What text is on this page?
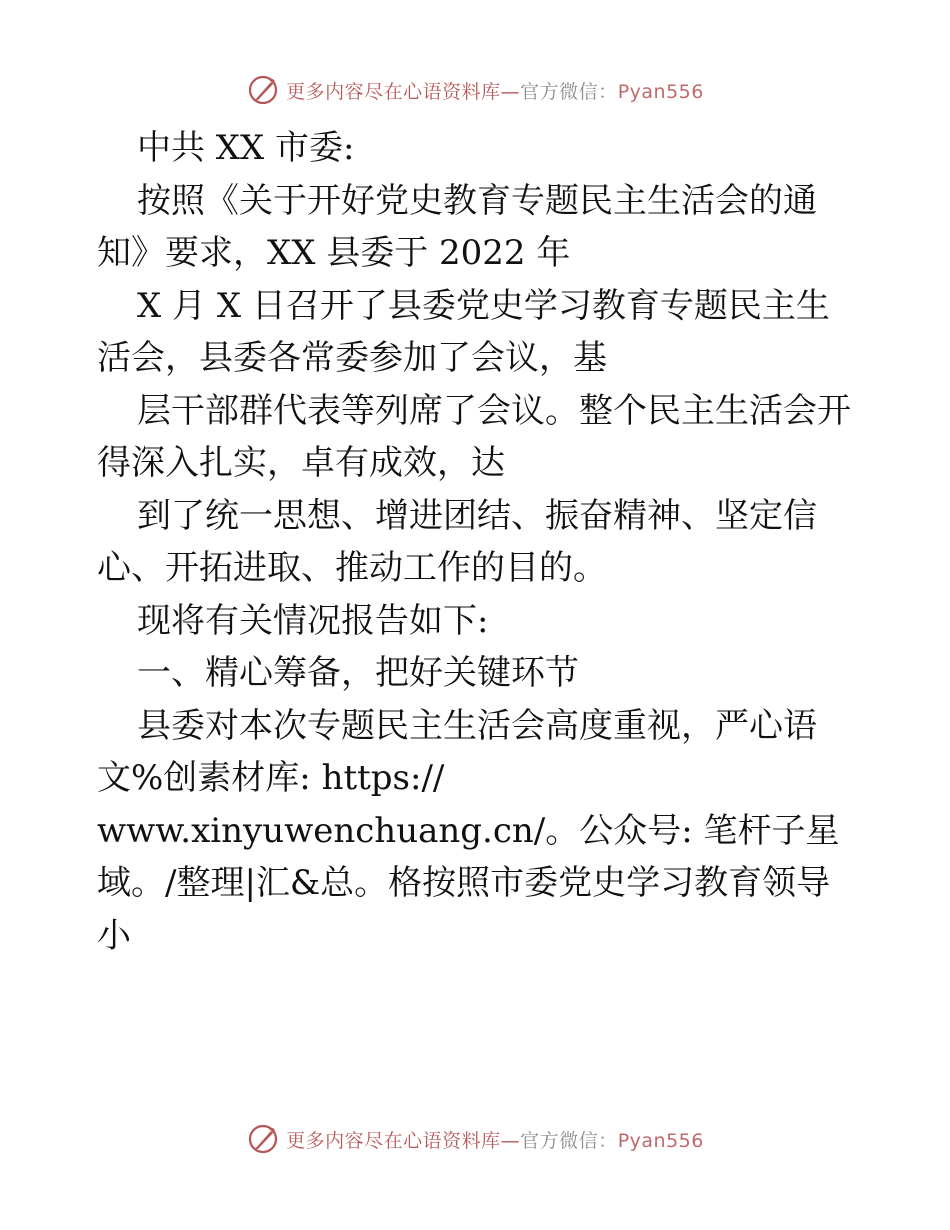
更多内容尽在心语资料库—官方微信：Pyan556
中共 XX 市委:
按照《关于开好党史教育专题民主生活会的通
知》要求，XX 县委于 2022 年
X 月 X 日召开了县委党史学习教育专题民主生
活会，县委各常委参加了会议，基
层干部群代表等列席了会议。整个民主生活会开
得深入扎实，卓有成效，达
到了统一思想、增进团结、振奋精神、坚定信
心、开拓进取、推动工作的目的。
现将有关情况报告如下:
一、精心筹备，把好关键环节
县委对本次专题民主生活会高度重视，严心语
文%创素材库: https://
www.xinyuwenchuang.cn/。公众号: 笔杆子星
域。/整理|汇&总。格按照市委党史学习教育领导
小
更多内容尽在心语资料库—官方微信：Pyan556
